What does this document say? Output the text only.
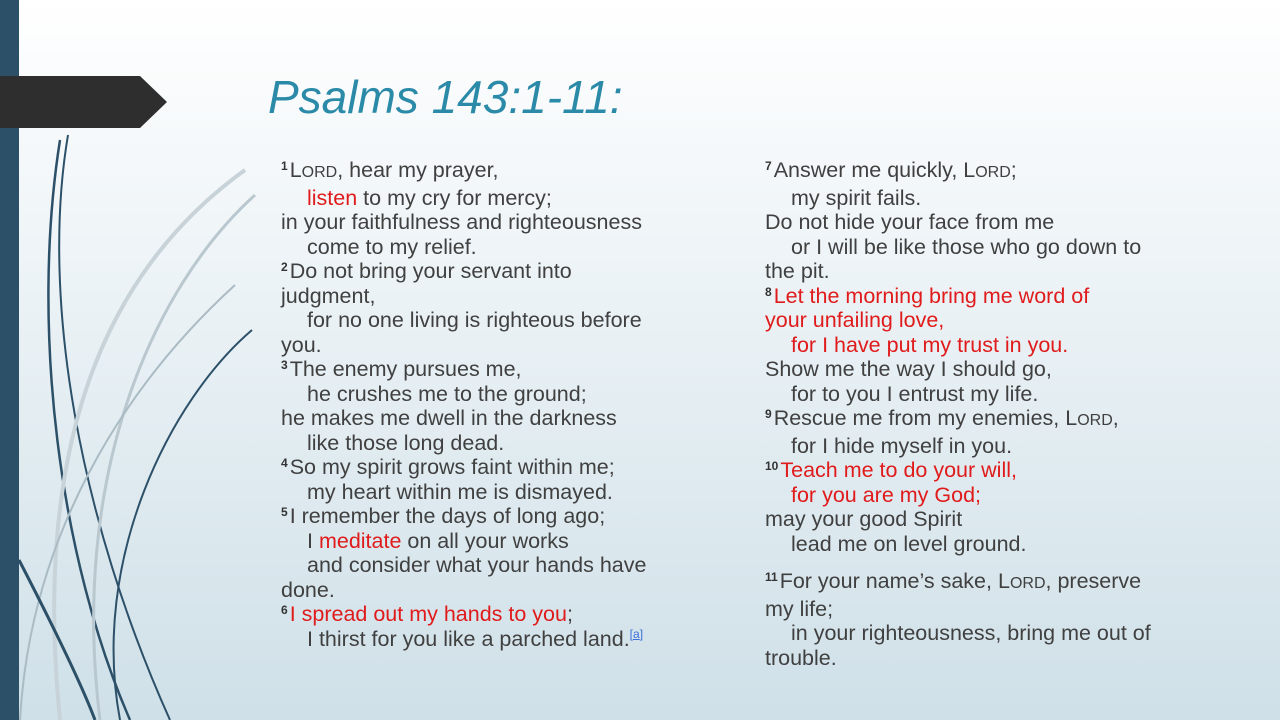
Psalms 143:1-11:
$^1$LORD, hear my prayer,
listen to my cry for mercy;
in your faithfulness and righteousness
come to my relief.
$^2$Do not bring your servant into
judgment,
for no one living is righteous before
you.
$^3$The enemy pursues me,
he crushes me to the ground;
he makes me dwell in the darkness
like those long dead.
$^4$So my spirit grows faint within me;
my heart within me is dismayed.
$^5$I remember the days of long ago;
I meditate on all your works
and consider what your hands have
done.
$^6$I spread out my hands to you;
I thirst for you like a parched land.[a]
$^7$Answer me quickly, LORD;
my spirit fails.
Do not hide your face from me
or I will be like those who go down to
the pit.
$^8$Let the morning bring me word of
your unfailing love,
for I have put my trust in you.
Show me the way I should go,
for to you I entrust my life.
$^9$Rescue me from my enemies, LORD,
for I hide myself in you.
$^{10}$Teach me to do your will,
for you are my God;
may your good Spirit
lead me on level ground.
$^{11}$For your name’s sake, LORD, preserve
my life;
in your righteousness, bring me out of
trouble.
